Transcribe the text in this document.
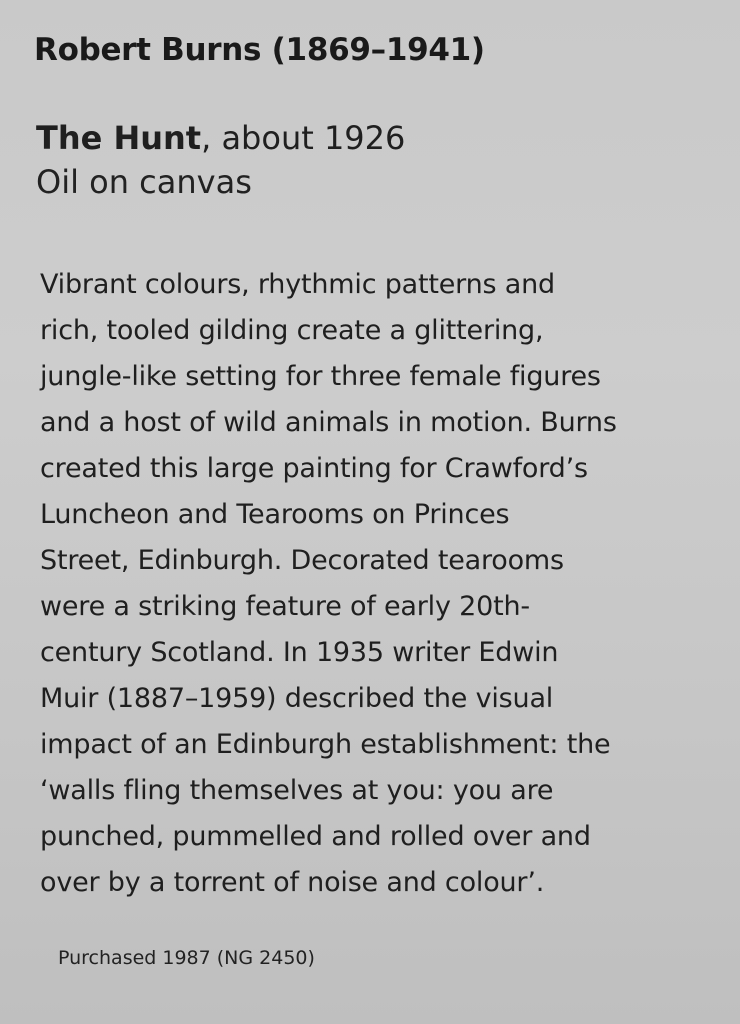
Robert Burns (1869–1941)
The Hunt, about 1926
Oil on canvas
Vibrant colours, rhythmic patterns and
rich, tooled gilding create a glittering,
jungle-like setting for three female figures
and a host of wild animals in motion. Burns
created this large painting for Crawford’s
Luncheon and Tearooms on Princes
Street, Edinburgh. Decorated tearooms
were a striking feature of early 20th-
century Scotland. In 1935 writer Edwin
Muir (1887–1959) described the visual
impact of an Edinburgh establishment: the
‘walls fling themselves at you: you are
punched, pummelled and rolled over and
over by a torrent of noise and colour’.
Purchased 1987 (NG 2450)
